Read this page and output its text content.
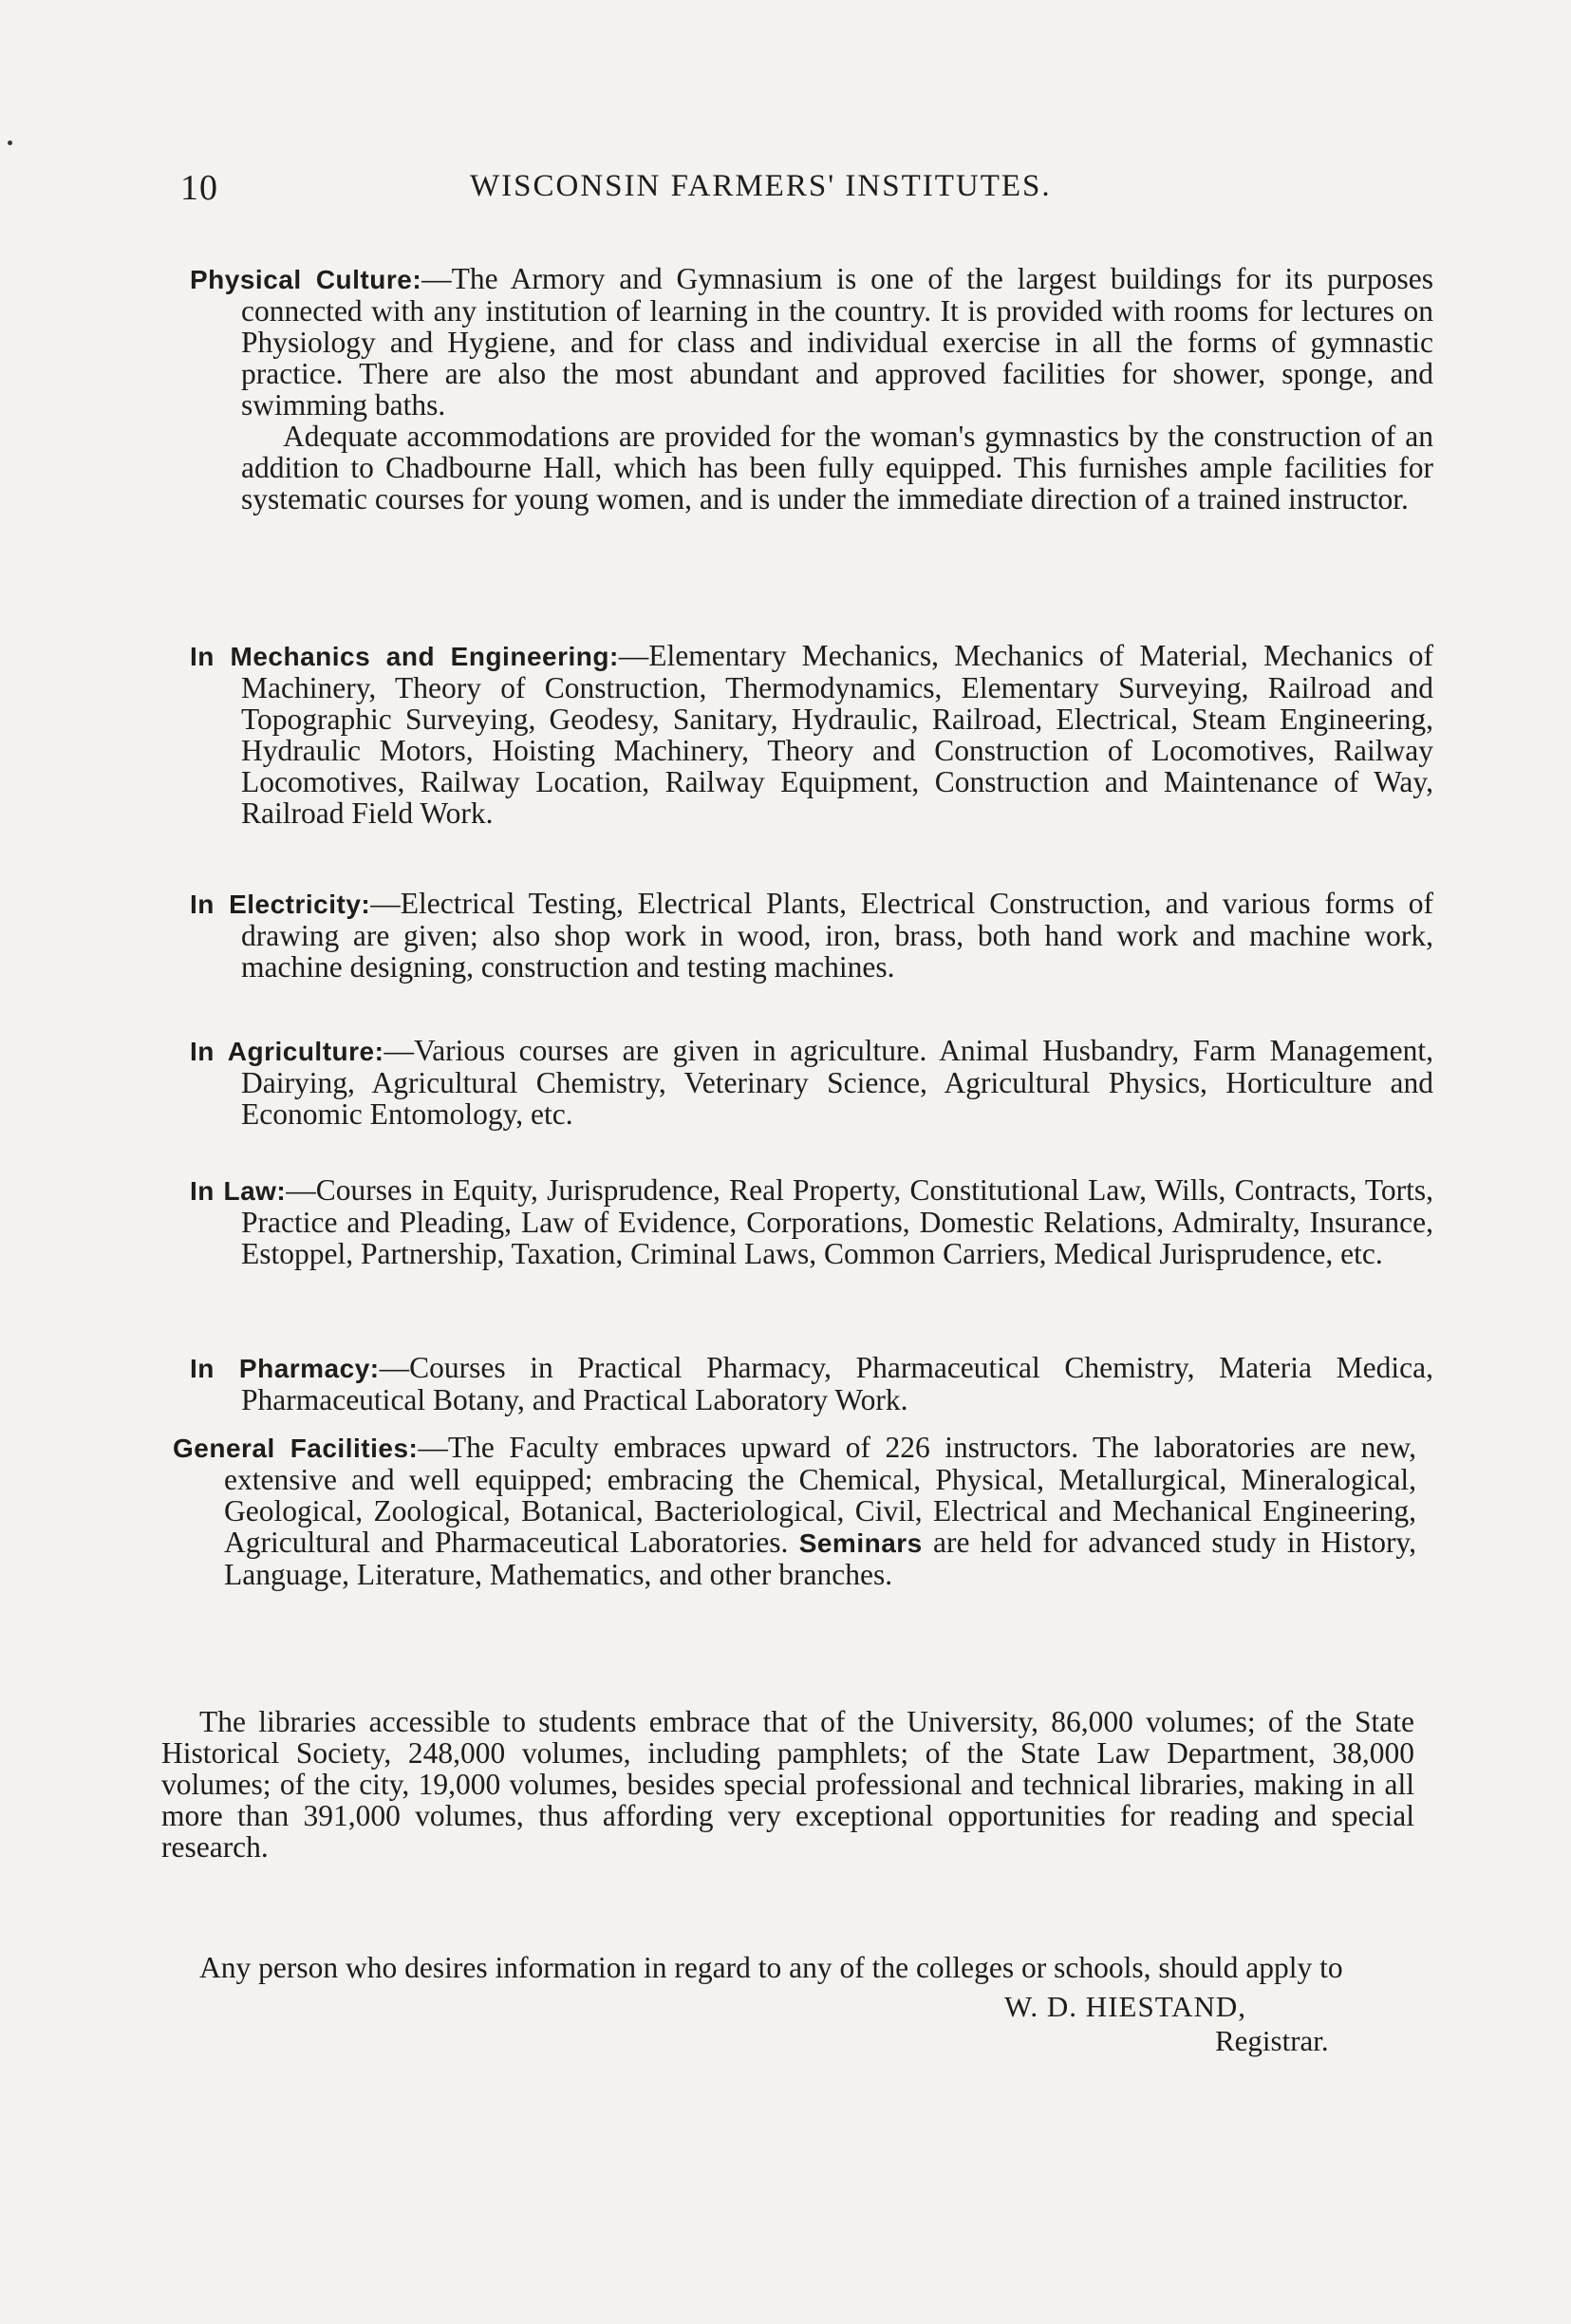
10	WISCONSIN FARMERS' INSTITUTES.
Physical Culture:—The Armory and Gymnasium is one of the largest buildings for its purposes connected with any institution of learning in the country. It is provided with rooms for lectures on Physiology and Hygiene, and for class and individual exercise in all the forms of gymnastic practice. There are also the most abundant and approved facilities for shower, sponge, and swimming baths.
Adequate accommodations are provided for the woman's gymnastics by the construction of an addition to Chadbourne Hall, which has been fully equipped. This furnishes ample facilities for systematic courses for young women, and is under the immediate direction of a trained instructor.
In Mechanics and Engineering:—Elementary Mechanics, Mechanics of Material, Mechanics of Machinery, Theory of Construction, Thermodynamics, Elementary Surveying, Railroad and Topographic Surveying, Geodesy, Sanitary, Hydraulic, Railroad, Electrical, Steam Engineering, Hydraulic Motors, Hoisting Machinery, Theory and Construction of Locomotives, Railway Locomotives, Railway Location, Railway Equipment, Construction and Maintenance of Way, Railroad Field Work.
In Electricity:—Electrical Testing, Electrical Plants, Electrical Construction, and various forms of drawing are given; also shop work in wood, iron, brass, both hand work and machine work, machine designing, construction and testing machines.
In Agriculture:—Various courses are given in agriculture. Animal Husbandry, Farm Management, Dairying, Agricultural Chemistry, Veterinary Science, Agricultural Physics, Horticulture and Economic Entomology, etc.
In Law:—Courses in Equity, Jurisprudence, Real Property, Constitutional Law, Wills, Contracts, Torts, Practice and Pleading, Law of Evidence, Corporations, Domestic Relations, Admiralty, Insurance, Estoppel, Partnership, Taxation, Criminal Laws, Common Carriers, Medical Jurisprudence, etc.
In Pharmacy:—Courses in Practical Pharmacy, Pharmaceutical Chemistry, Materia Medica, Pharmaceutical Botany, and Practical Laboratory Work.
General Facilities:—The Faculty embraces upward of 226 instructors. The laboratories are new, extensive and well equipped; embracing the Chemical, Physical, Metallurgical, Mineralogical, Geological, Zoological, Botanical, Bacteriological, Civil, Electrical and Mechanical Engineering, Agricultural and Pharmaceutical Laboratories. Seminars are held for advanced study in History, Language, Literature, Mathematics, and other branches.
The libraries accessible to students embrace that of the University, 86,000 volumes; of the State Historical Society, 248,000 volumes, including pamphlets; of the State Law Department, 38,000 volumes; of the city, 19,000 volumes, besides special professional and technical libraries, making in all more than 391,000 volumes, thus affording very exceptional opportunities for reading and special research.
Any person who desires information in regard to any of the colleges or schools, should apply to
W. D. HIESTAND,
Registrar.
